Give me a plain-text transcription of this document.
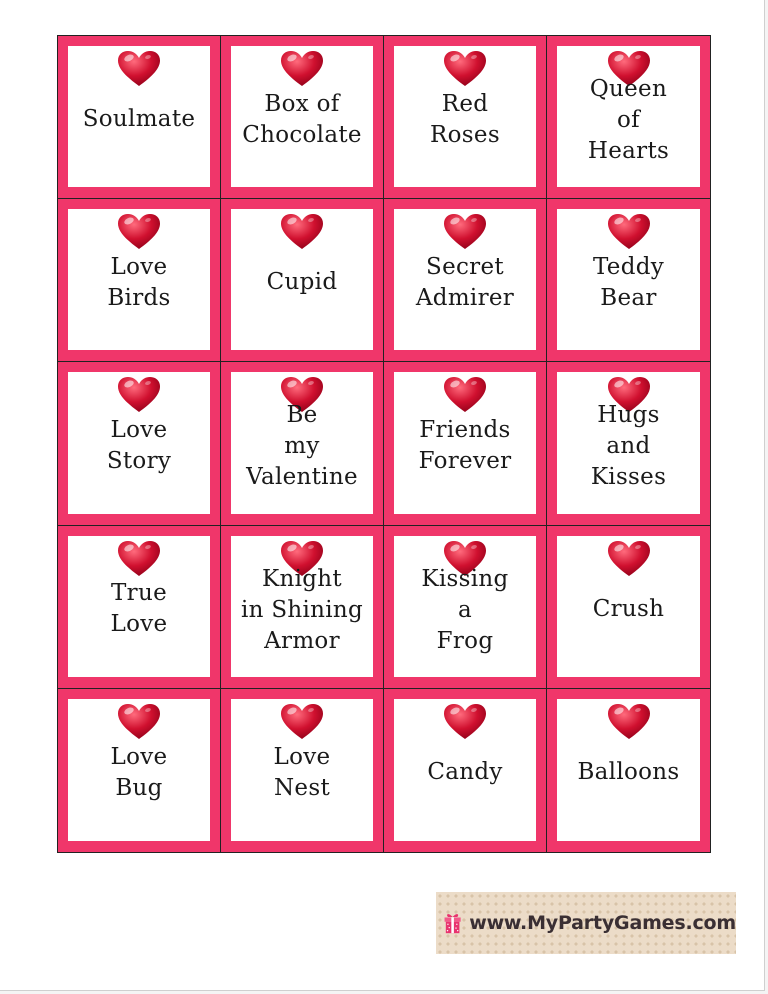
Soulmate
Box of
Chocolate
Red
Roses
Queen
of
Hearts
Love
Birds
Cupid
Secret
Admirer
Teddy
Bear
Love
Story
Be
my
Valentine
Friends
Forever
Hugs
and
Kisses
True
Love
Knight
in Shining
Armor
Kissing
a
Frog
Crush
Love
Bug
Love
Nest
Candy	Balloons
www.MyPartyGames.com
